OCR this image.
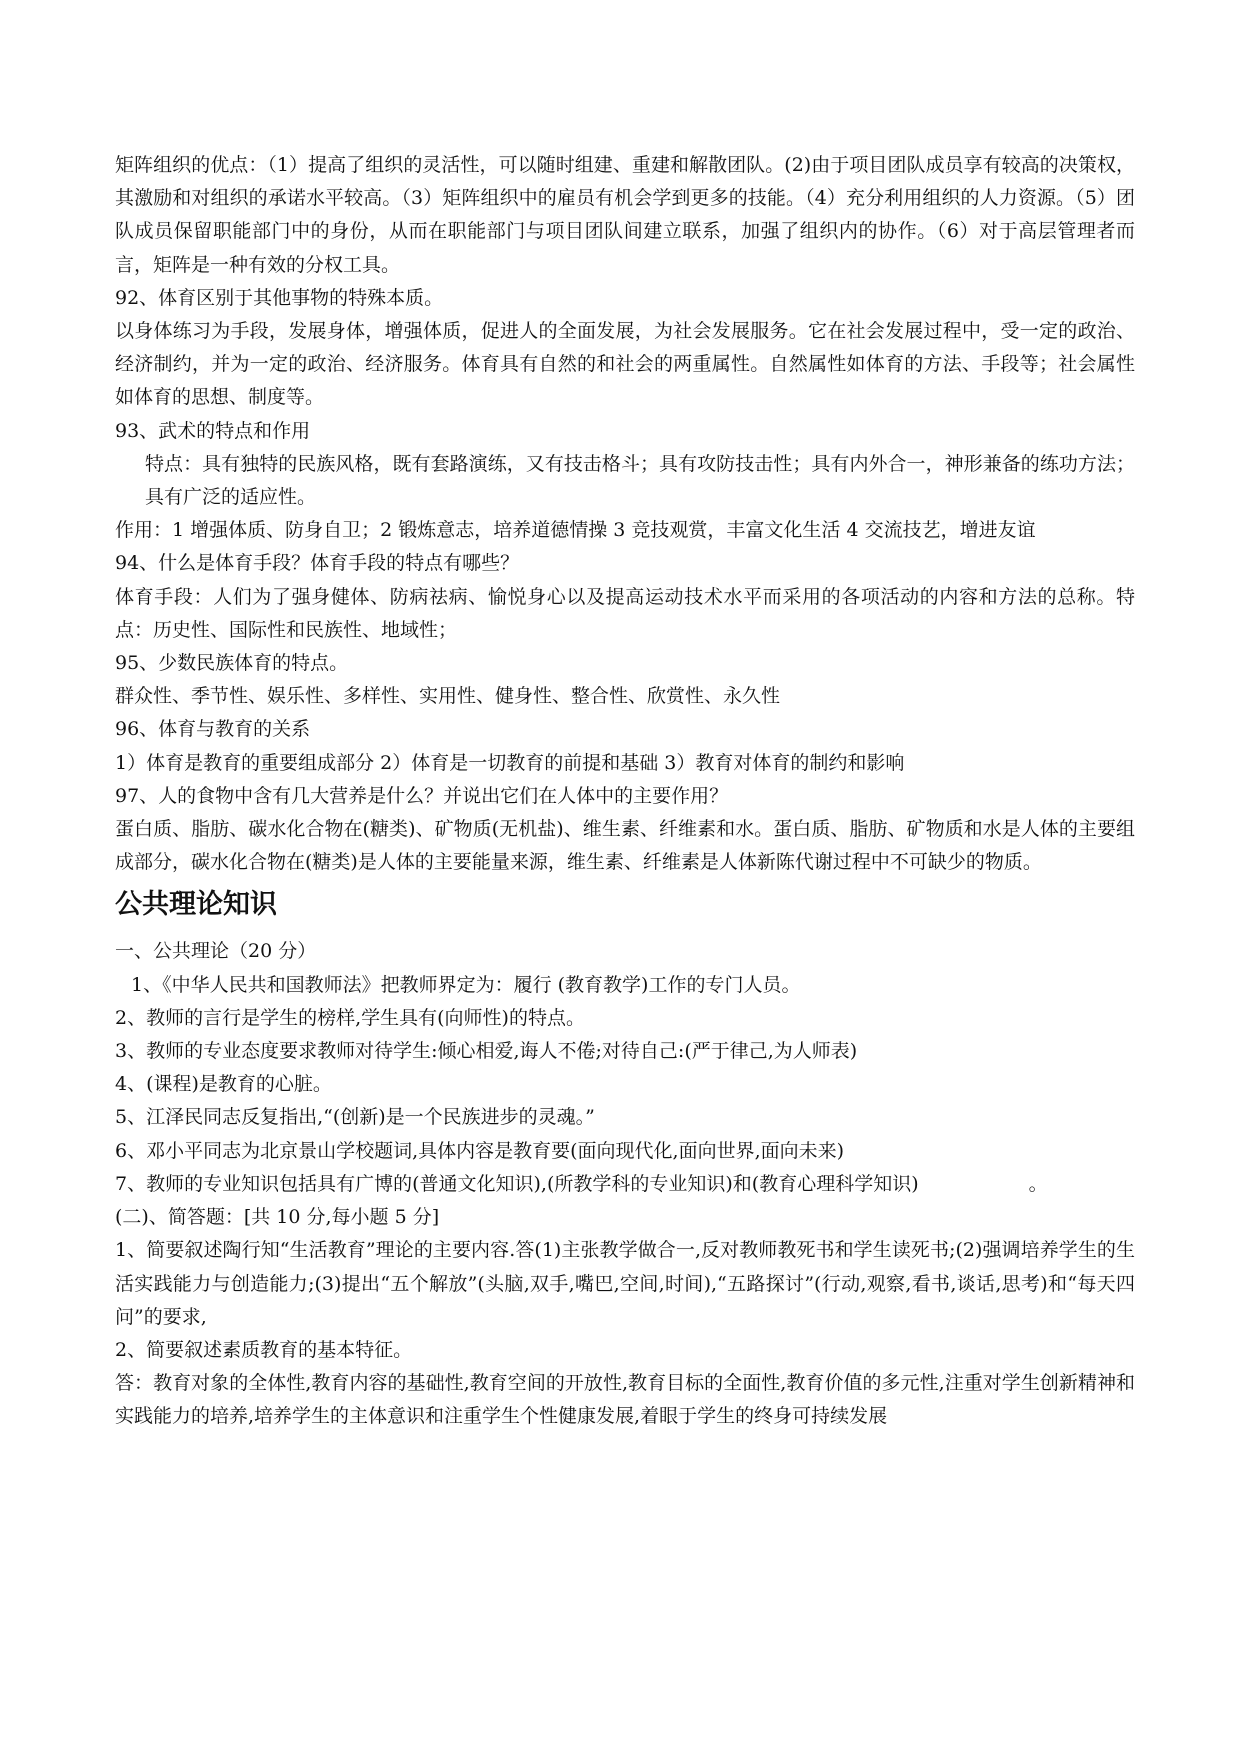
矩阵组织的优点：（1）提高了组织的灵活性，可以随时组建、重建和解散团队。(2)由于项目团队成员享有较高的决策权，其激励和对组织的承诺水平较高。（3）矩阵组织中的雇员有机会学到更多的技能。（4）充分利用组织的人力资源。（5）团队成员保留职能部门中的身份，从而在职能部门与项目团队间建立联系，加强了组织内的协作。（6）对于高层管理者而言，矩阵是一种有效的分权工具。

92、体育区别于其他事物的特殊本质。

以身体练习为手段，发展身体，增强体质，促进人的全面发展，为社会发展服务。它在社会发展过程中，受一定的政治、经济制约，并为一定的政治、经济服务。体育具有自然的和社会的两重属性。自然属性如体育的方法、手段等；社会属性如体育的思想、制度等。

93、武术的特点和作用

特点：具有独特的民族风格，既有套路演练，又有技击格斗；具有攻防技击性；具有内外合一，神形兼备的练功方法；具有广泛的适应性。

作用：1 增强体质、防身自卫；2 锻炼意志，培养道德情操 3 竞技观赏，丰富文化生活 4 交流技艺，增进友谊

94、什么是体育手段？体育手段的特点有哪些？

体育手段：人们为了强身健体、防病祛病、愉悦身心以及提高运动技术水平而采用的各项活动的内容和方法的总称。特点：历史性、国际性和民族性、地域性；

95、少数民族体育的特点。

群众性、季节性、娱乐性、多样性、实用性、健身性、整合性、欣赏性、永久性

96、体育与教育的关系

1）体育是教育的重要组成部分 2）体育是一切教育的前提和基础 3）教育对体育的制约和影响

97、人的食物中含有几大营养是什么？并说出它们在人体中的主要作用？

蛋白质、脂肪、碳水化合物在(糖类)、矿物质(无机盐)、维生素、纤维素和水。蛋白质、脂肪、矿物质和水是人体的主要组成部分，碳水化合物在(糖类)是人体的主要能量来源，维生素、纤维素是人体新陈代谢过程中不可缺少的物质。

公共理论知识

一、公共理论（20 分）

1、《中华人民共和国教师法》把教师界定为：履行 (教育教学)工作的专门人员。

2、教师的言行是学生的榜样,学生具有(向师性)的特点。

3、教师的专业态度要求教师对待学生:倾心相爱,诲人不倦;对待自己:(严于律己,为人师表)

4、(课程)是教育的心脏。

5、江泽民同志反复指出,“(创新)是一个民族进步的灵魂。”

6、邓小平同志为北京景山学校题词,具体内容是教育要(面向现代化,面向世界,面向未来)

7、教师的专业知识包括具有广博的(普通文化知识),(所教学科的专业知识)和(教育心理科学知识)	。

(二)、简答题：[共 10 分,每小题 5 分]

1、简要叙述陶行知“生活教育”理论的主要内容.答(1)主张教学做合一,反对教师教死书和学生读死书;(2)强调培养学生的生活实践能力与创造能力;(3)提出“五个解放”(头脑,双手,嘴巴,空间,时间),“五路探讨”(行动,观察,看书,谈话,思考)和“每天四问”的要求,

2、简要叙述素质教育的基本特征。

答：教育对象的全体性,教育内容的基础性,教育空间的开放性,教育目标的全面性,教育价值的多元性,注重对学生创新精神和实践能力的培养,培养学生的主体意识和注重学生个性健康发展,着眼于学生的终身可持续发展
